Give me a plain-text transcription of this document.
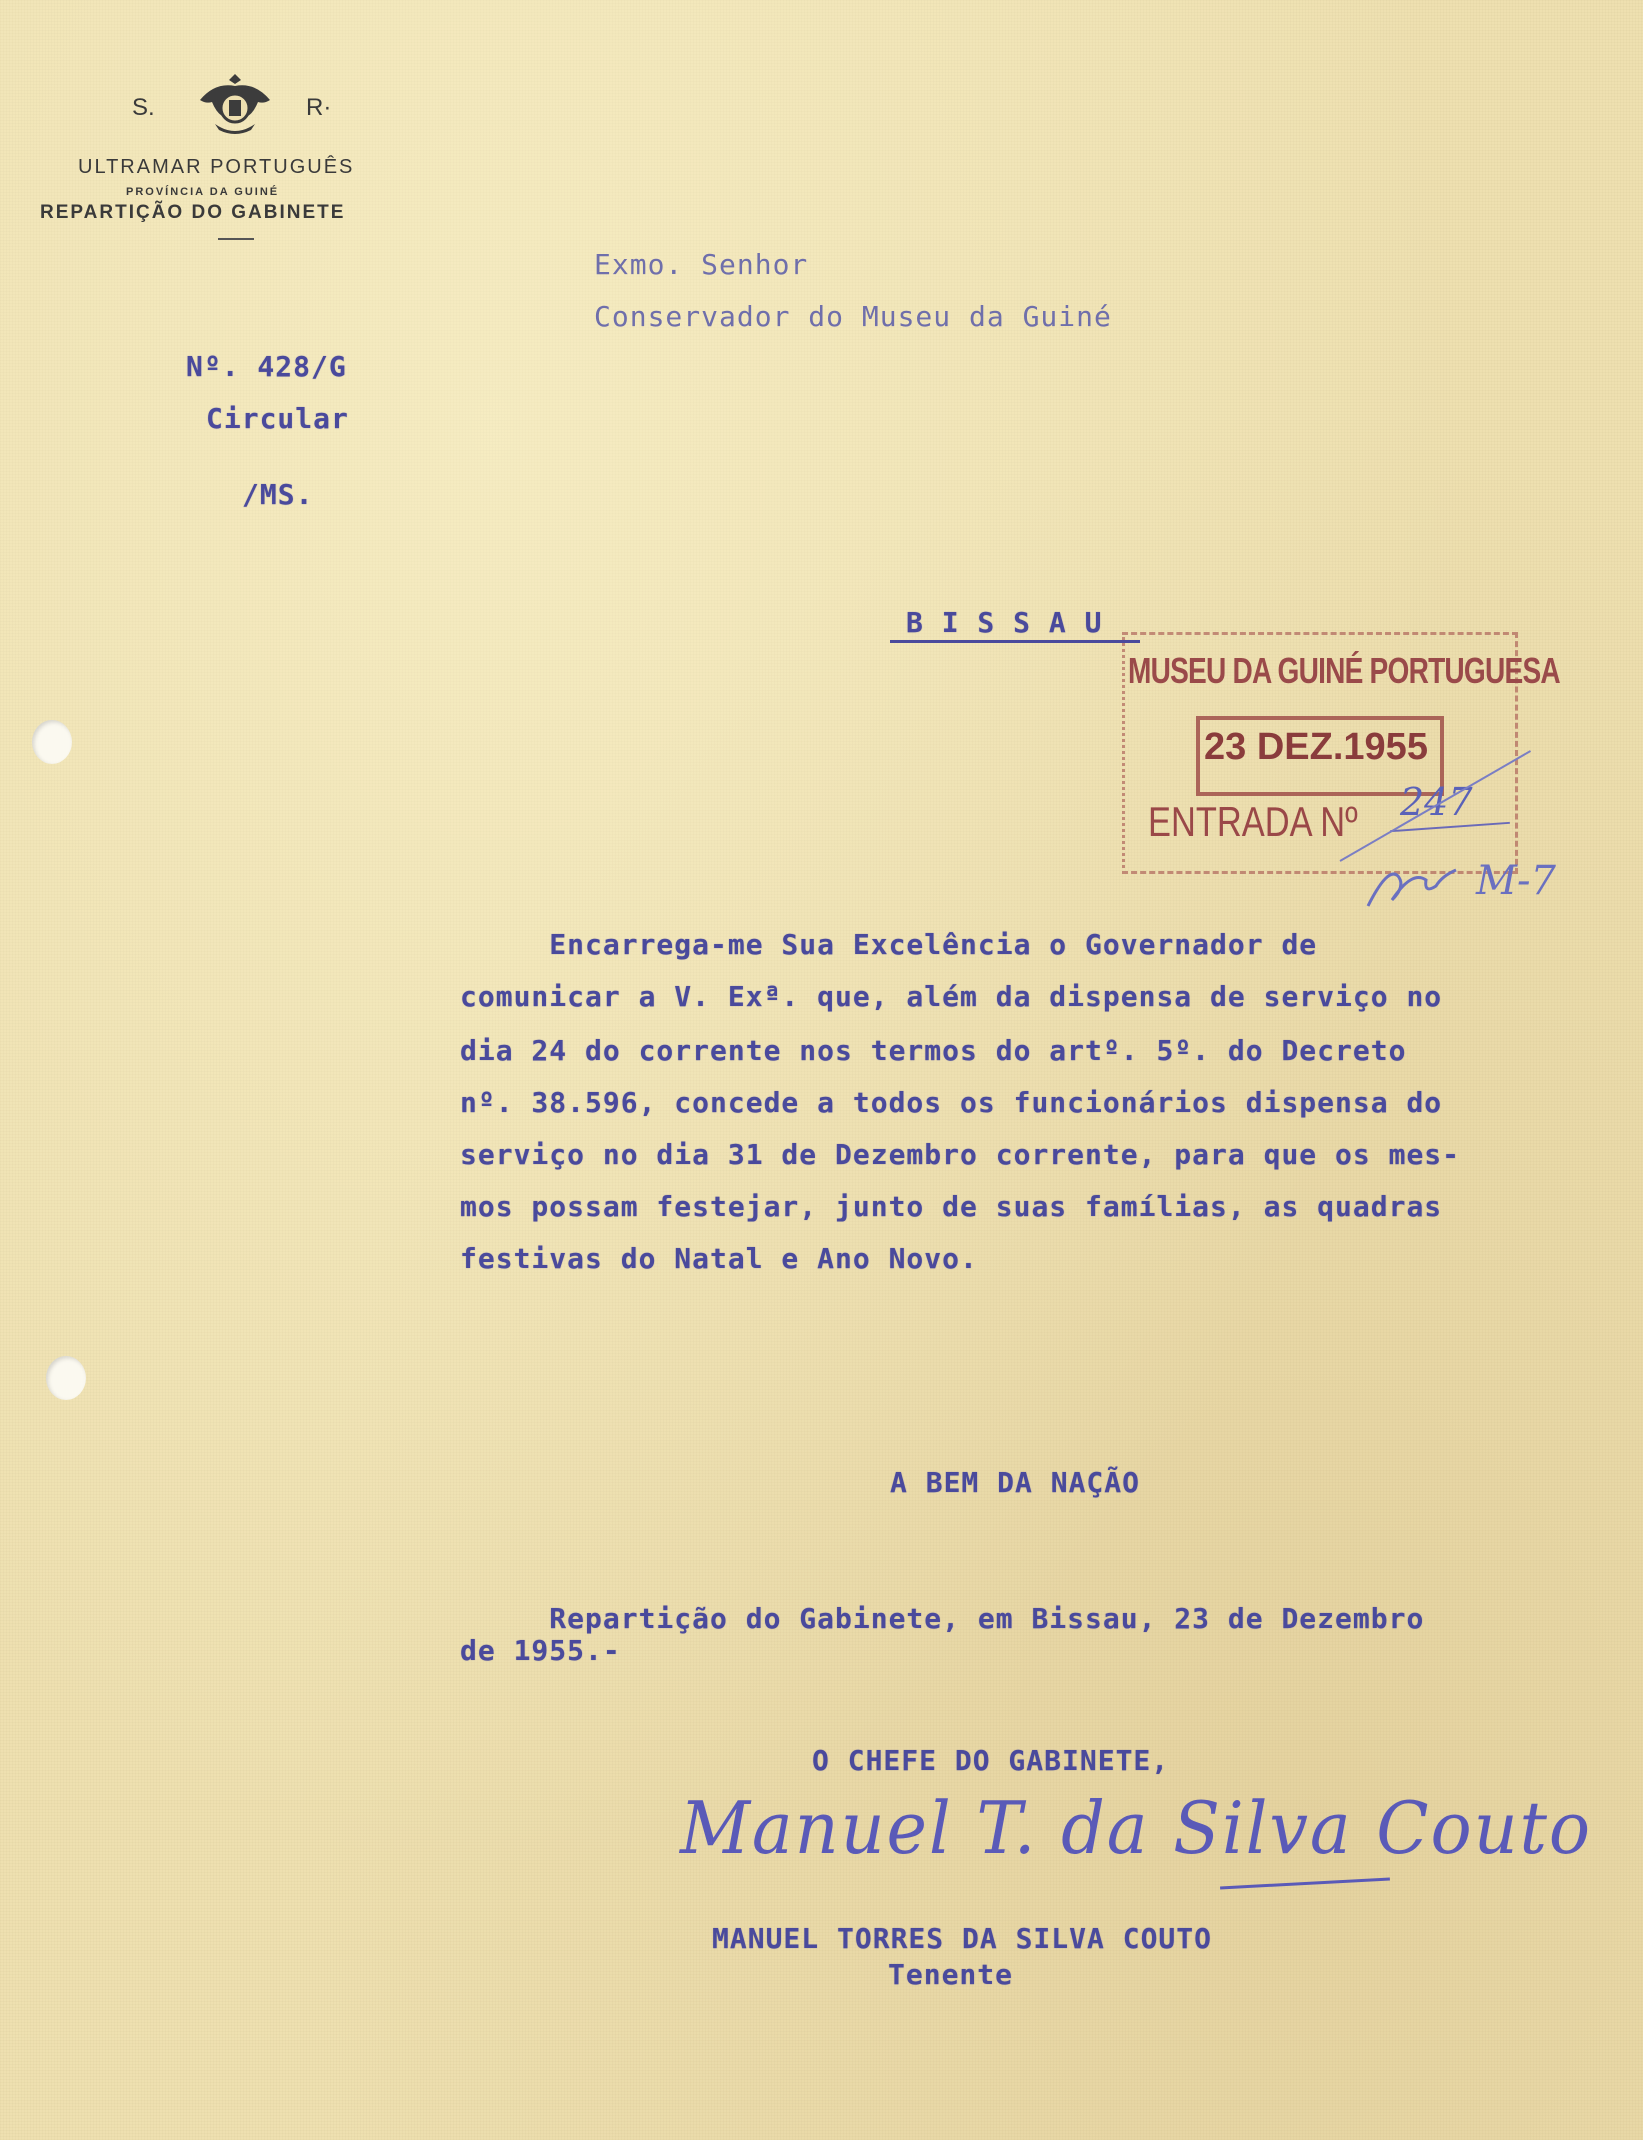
S.	R·
ULTRAMAR PORTUGUÊS
PROVÍNCIA DA GUINÉ
REPARTIÇÃO DO GABINETE
Exmo. Senhor
Conservador do Museu da Guiné
Nº. 428/G
Circular
/MS.
B I S S A U
MUSEU DA GUINÉ PORTUGUESA
23 DEZ.1955
ENTRADA Nº 247
M-7
Encarrega-me Sua Excelência o Governador de
comunicar a V. Exª. que, além da dispensa de serviço no
dia 24 do corrente nos termos do artº. 5º. do Decreto
nº. 38.596, concede a todos os funcionários dispensa do
serviço no dia 31 de Dezembro corrente, para que os mes-
mos possam festejar, junto de suas famílias, as quadras
festivas do Natal e Ano Novo.
A BEM DA NAÇÃO
Repartição do Gabinete, em Bissau, 23 de Dezembro
de 1955.-
O CHEFE DO GABINETE,
Manuel T. da Silva Couto
MANUEL TORRES DA SILVA COUTO
Tenente
